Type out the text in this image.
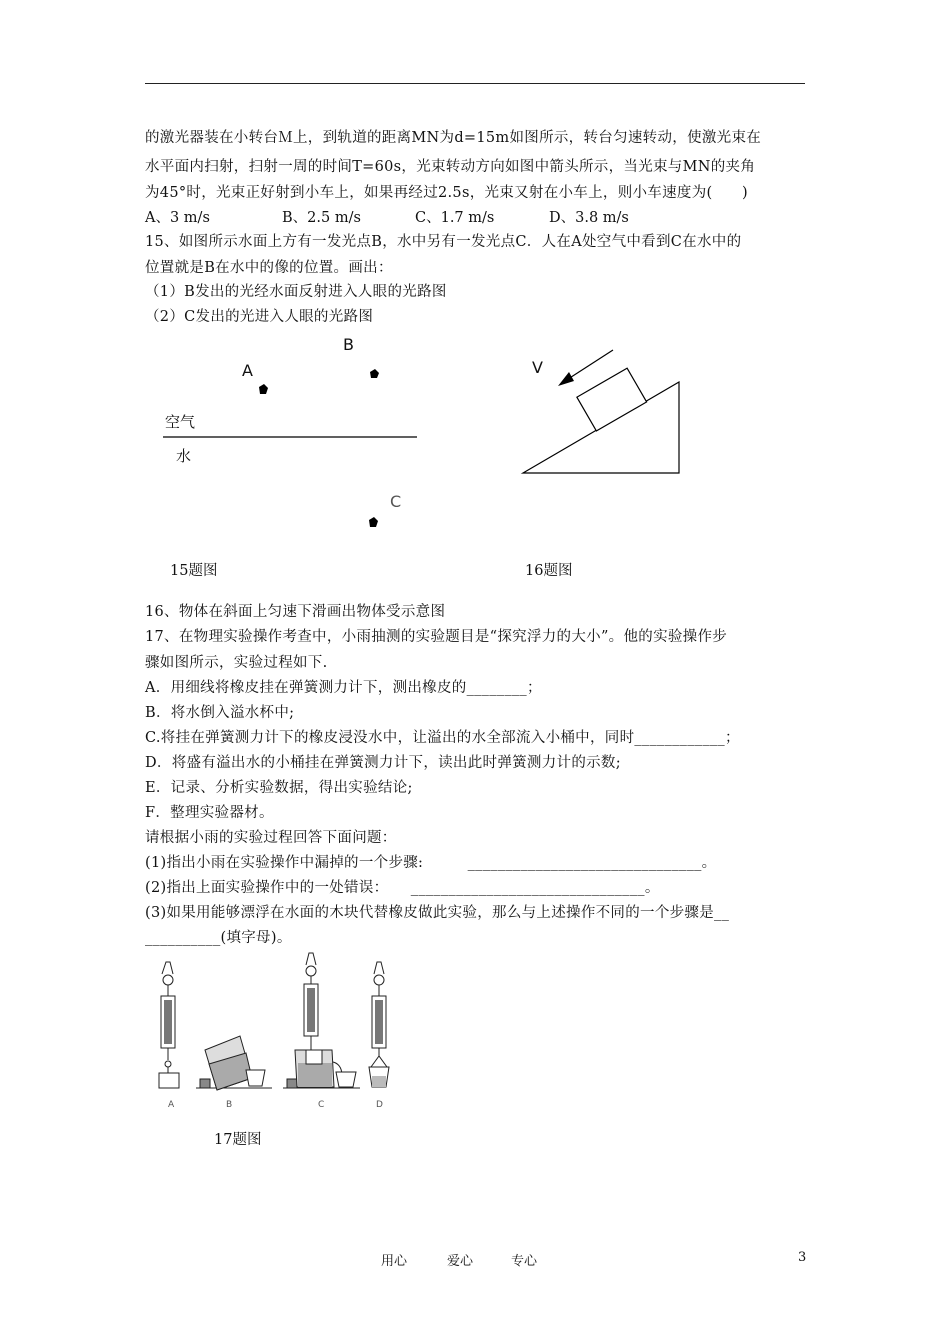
的激光器装在小转台Ｍ上，到轨道的距离MN为d=15m如图所示，转台匀速转动，使激光束在
水平面内扫射，扫射一周的时间T=60s，光束转动方向如图中箭头所示，当光束与MN的夹角
为45°时，光束正好射到小车上，如果再经过2.5s，光束又射在小车上，则小车速度为(　　)
A、3 m/s	B、2.5 m/s	C、1.7 m/s	D、3.8 m/s
15、如图所示水面上方有一发光点B，水中另有一发光点C．人在A处空气中看到C在水中的
位置就是B在水中的像的位置。画出：
（1）B发出的光经水面反射进入人眼的光路图
（2）C发出的光进入人眼的光路图
B
A
空气
水
C
15题图
V
16题图
16、物体在斜面上匀速下滑画出物体受示意图
17、在物理实验操作考查中，小雨抽测的实验题目是“探究浮力的大小”。他的实验操作步
骤如图所示，实验过程如下.
A．用细线将橡皮挂在弹簧测力计下，测出橡皮的________；
B．将水倒入溢水杯中;
C.将挂在弹簧测力计下的橡皮浸没水中，让溢出的水全部流入小桶中，同时____________；
D．将盛有溢出水的小桶挂在弹簧测力计下，读出此时弹簧测力计的示数;
E．记录、分析实验数据，得出实验结论;
F．整理实验器材。
请根据小雨的实验过程回答下面问题：
(1)指出小雨在实验操作中漏掉的一个步骤:　　　_______________________________。
(2)指出上面实验操作中的一处错误：　　_______________________________。
(3)如果用能够漂浮在水面的木块代替橡皮做此实验，那么与上述操作不同的一个步骤是__
__________(填字母)。
A	B	C	D
17题图
用心	爱心	专心	3
